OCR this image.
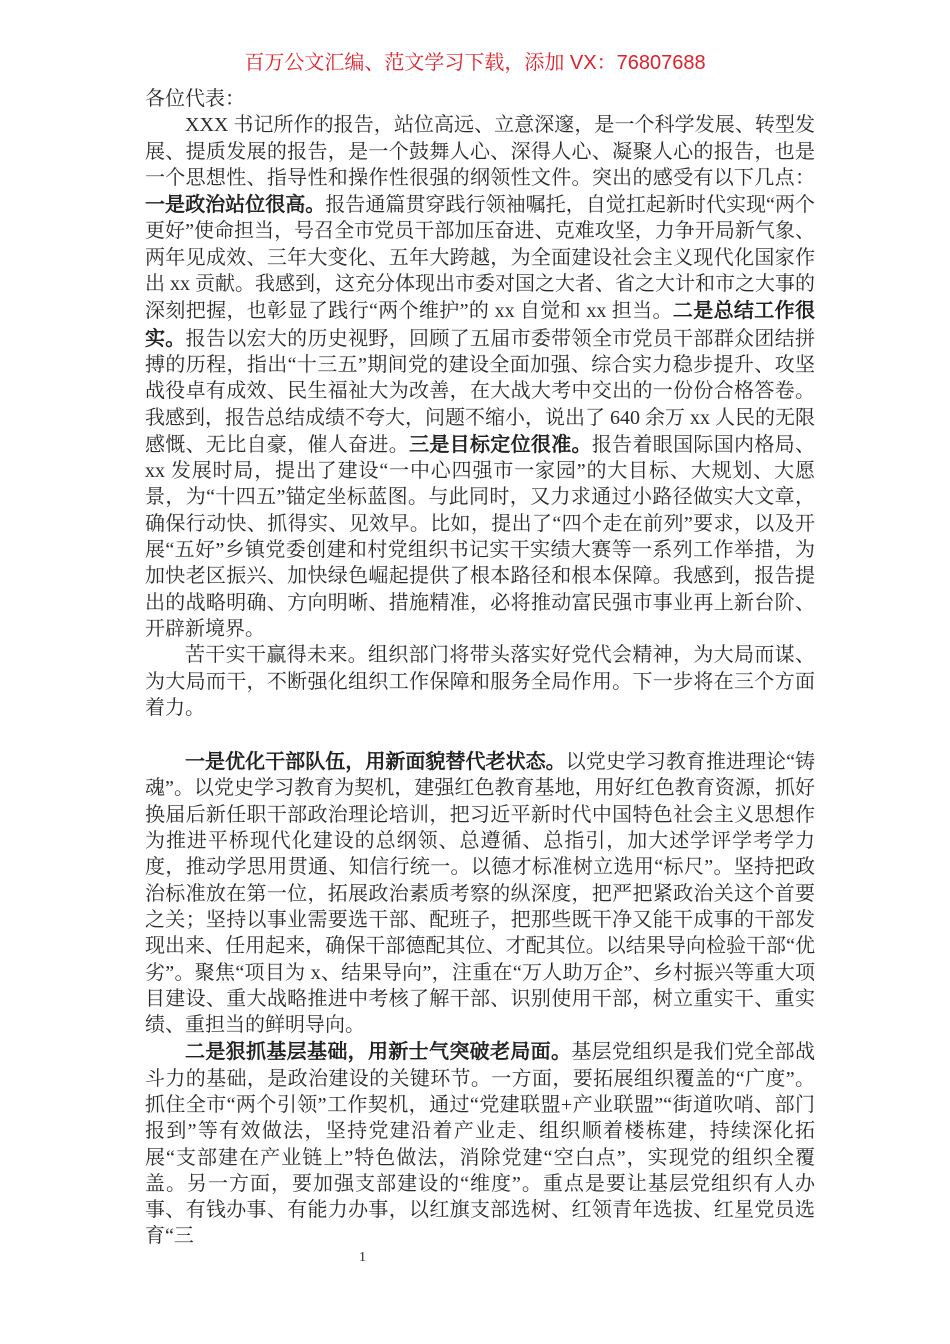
百万公文汇编、范文学习下载，添加 VX：76807688

各位代表：

XXX 书记所作的报告，站位高远、立意深邃，是一个科学发展、转型发展、提质发展的报告，是一个鼓舞人心、深得人心、凝聚人心的报告，也是一个思想性、指导性和操作性很强的纲领性文件。突出的感受有以下几点：一是政治站位很高。报告通篇贯穿践行领袖嘱托，自觉扛起新时代实现“两个更好”使命担当，号召全市党员干部加压奋进、克难攻坚，力争开局新气象、两年见成效、三年大变化、五年大跨越，为全面建设社会主义现代化国家作出 xx 贡献。我感到，这充分体现出市委对国之大者、省之大计和市之大事的深刻把握，也彰显了践行“两个维护”的 xx 自觉和 xx 担当。二是总结工作很实。报告以宏大的历史视野，回顾了五届市委带领全市党员干部群众团结拼搏的历程，指出“十三五”期间党的建设全面加强、综合实力稳步提升、攻坚战役卓有成效、民生福祉大为改善，在大战大考中交出的一份份合格答卷。我感到，报告总结成绩不夸大，问题不缩小，说出了 640 余万 xx 人民的无限感慨、无比自豪，催人奋进。三是目标定位很准。报告着眼国际国内格局、xx 发展时局，提出了建设“一中心四强市一家园”的大目标、大规划、大愿景，为“十四五”锚定坐标蓝图。与此同时，又力求通过小路径做实大文章，确保行动快、抓得实、见效早。比如，提出了“四个走在前列”要求，以及开展“五好”乡镇党委创建和村党组织书记实干实绩大赛等一系列工作举措，为加快老区振兴、加快绿色崛起提供了根本路径和根本保障。我感到，报告提出的战略明确、方向明晰、措施精准，必将推动富民强市事业再上新台阶、开辟新境界。

苦干实干赢得未来。组织部门将带头落实好党代会精神，为大局而谋、为大局而干，不断强化组织工作保障和服务全局作用。下一步将在三个方面着力。

一是优化干部队伍，用新面貌替代老状态。以党史学习教育推进理论“铸魂”。以党史学习教育为契机，建强红色教育基地，用好红色教育资源，抓好换届后新任职干部政治理论培训，把习近平新时代中国特色社会主义思想作为推进平桥现代化建设的总纲领、总遵循、总指引，加大述学评学考学力度，推动学思用贯通、知信行统一。以德才标准树立选用“标尺”。坚持把政治标准放在第一位，拓展政治素质考察的纵深度，把严把紧政治关这个首要之关；坚持以事业需要选干部、配班子，把那些既干净又能干成事的干部发现出来、任用起来，确保干部德配其位、才配其位。以结果导向检验干部“优劣”。聚焦“项目为 x、结果导向”，注重在“万人助万企”、乡村振兴等重大项目建设、重大战略推进中考核了解干部、识别使用干部，树立重实干、重实绩、重担当的鲜明导向。

二是狠抓基层基础，用新士气突破老局面。基层党组织是我们党全部战斗力的基础，是政治建设的关键环节。一方面，要拓展组织覆盖的“广度”。抓住全市“两个引领”工作契机，通过“党建联盟+产业联盟”“街道吹哨、部门报到”等有效做法，坚持党建沿着产业走、组织顺着楼栋建，持续深化拓展“支部建在产业链上”特色做法，消除党建“空白点”，实现党的组织全覆盖。另一方面，要加强支部建设的“维度”。重点是要让基层党组织有人办事、有钱办事、有能力办事，以红旗支部选树、红领青年选拔、红星党员选育“三

1
